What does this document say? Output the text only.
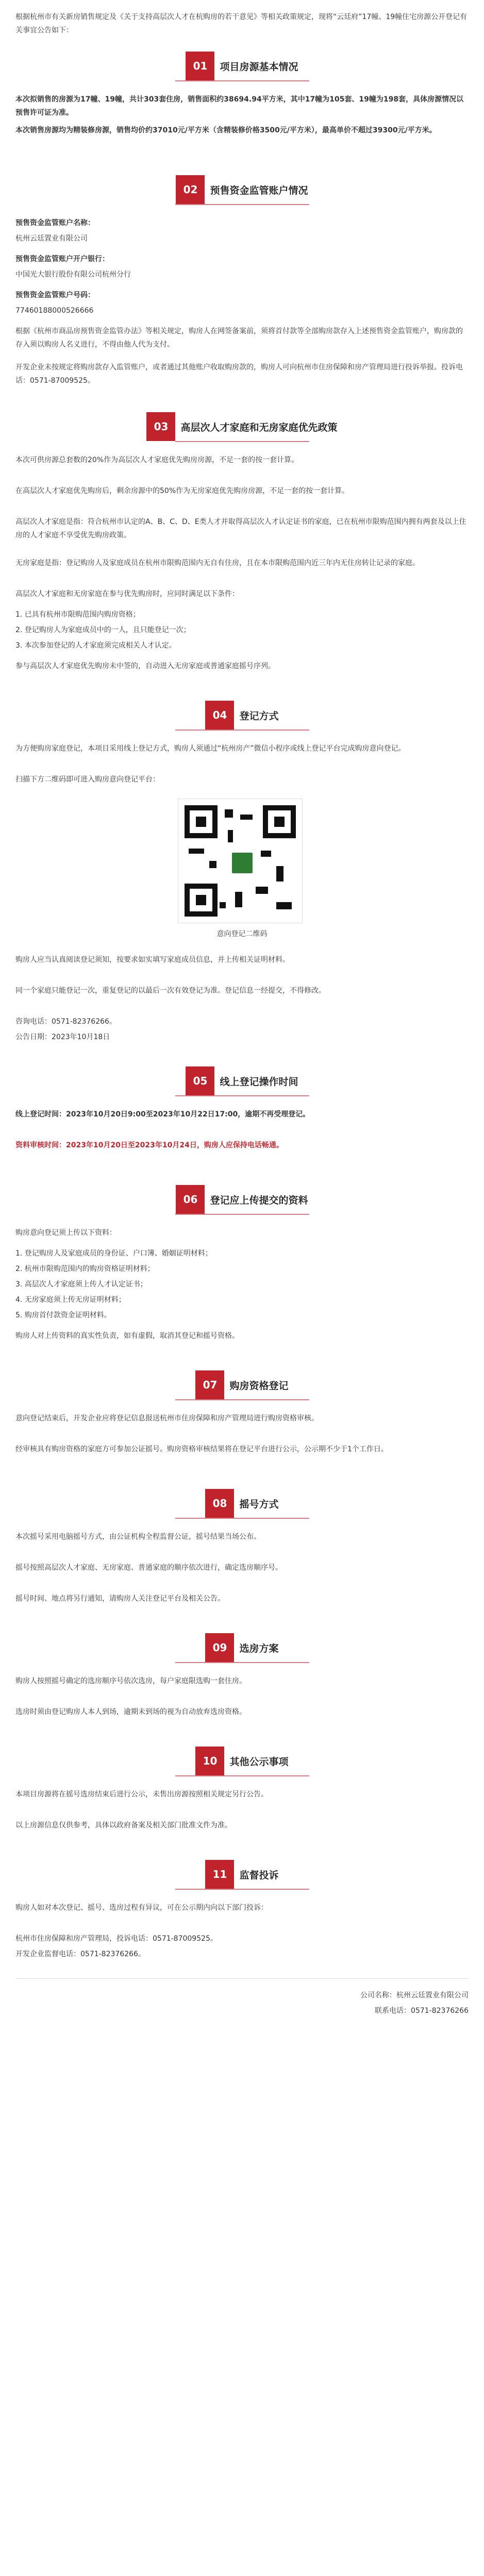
根据杭州市有关新房销售规定及《关于支持高层次人才在杭购房的若干意见》等相关政策规定，现将“云廷府”17幢、19幢住宅房源公开登记有关事宜公告如下：
01	项目房源基本情况
本次拟销售的房源为17幢、19幢，共计303套住房，销售面积约38694.94平方米，其中17幢为105套、19幢为198套，具体房源情况以预售许可证为准。
本次销售房源均为精装修房源，销售均价约37010元/平方米（含精装修价格3500元/平方米），最高单价不超过39300元/平方米。
02	预售资金监管账户情况
预售资金监管账户名称：
杭州云廷置业有限公司
预售资金监管账户开户银行：
中国光大银行股份有限公司杭州分行
预售资金监管账户号码：
77460188000526666
根据《杭州市商品房预售资金监管办法》等相关规定，购房人在网签备案前，须将首付款等全部购房款存入上述预售资金监管账户，购房款的存入须以购房人名义进行，不得由他人代为支付。
开发企业未按规定将购房款存入监管账户，或者通过其他账户收取购房款的，购房人可向杭州市住房保障和房产管理局进行投诉举报。投诉电话：0571-87009525。
03	高层次人才家庭和无房家庭优先政策
本次可供房源总套数的20%作为高层次人才家庭优先购房房源，不足一套的按一套计算。
在高层次人才家庭优先购房后，剩余房源中的50%作为无房家庭优先购房房源，不足一套的按一套计算。
高层次人才家庭是指：符合杭州市认定的A、B、C、D、E类人才并取得高层次人才认定证书的家庭，已在杭州市限购范围内拥有两套及以上住房的人才家庭不享受优先购房政策。
无房家庭是指：登记购房人及家庭成员在杭州市限购范围内无自有住房，且在本市限购范围内近三年内无住房转让记录的家庭。
高层次人才家庭和无房家庭在参与优先购房时，应同时满足以下条件：
1. 已具有杭州市限购范围内购房资格；
2. 登记购房人为家庭成员中的一人，且只能登记一次；
3. 本次参加登记的人才家庭须完成相关人才认定。
参与高层次人才家庭优先购房未中签的，自动进入无房家庭或普通家庭摇号序列。
04	登记方式
为方便购房家庭登记，本项目采用线上登记方式，购房人须通过“杭州房产”微信小程序或线上登记平台完成购房意向登记。
扫描下方二维码即可进入购房意向登记平台：
意向登记二维码
购房人应当认真阅读登记须知，按要求如实填写家庭成员信息，并上传相关证明材料。
同一个家庭只能登记一次，重复登记的以最后一次有效登记为准。登记信息一经提交，不得修改。
咨询电话：0571-82376266。
公告日期：2023年10月18日
05	线上登记操作时间
线上登记时间：2023年10月20日9:00至2023年10月22日17:00，逾期不再受理登记。
资料审核时间：2023年10月20日至2023年10月24日，购房人应保持电话畅通。
06	登记应上传提交的资料
购房意向登记须上传以下资料：
1. 登记购房人及家庭成员的身份证、户口簿、婚姻证明材料；
2. 杭州市限购范围内的购房资格证明材料；
3. 高层次人才家庭须上传人才认定证书；
4. 无房家庭须上传无房证明材料；
5. 购房首付款资金证明材料。
购房人对上传资料的真实性负责，如有虚假，取消其登记和摇号资格。
07	购房资格登记
意向登记结束后，开发企业应将登记信息报送杭州市住房保障和房产管理局进行购房资格审核。
经审核具有购房资格的家庭方可参加公证摇号。购房资格审核结果将在登记平台进行公示，公示期不少于1个工作日。
08	摇号方式
本次摇号采用电脑摇号方式，由公证机构全程监督公证，摇号结果当场公布。
摇号按照高层次人才家庭、无房家庭、普通家庭的顺序依次进行，确定选房顺序号。
摇号时间、地点将另行通知，请购房人关注登记平台及相关公告。
09	选房方案
购房人按照摇号确定的选房顺序号依次选房，每户家庭限选购一套住房。
选房时须由登记购房人本人到场，逾期未到场的视为自动放弃选房资格。
10	其他公示事项
本项目房源将在摇号选房结束后进行公示，未售出房源按照相关规定另行公告。
以上房源信息仅供参考，具体以政府备案及相关部门批准文件为准。
11	监督投诉
购房人如对本次登记、摇号、选房过程有异议，可在公示期内向以下部门投诉：
杭州市住房保障和房产管理局，投诉电话：0571-87009525。
开发企业监督电话：0571-82376266。
公司名称：杭州云廷置业有限公司
联系电话：0571-82376266
